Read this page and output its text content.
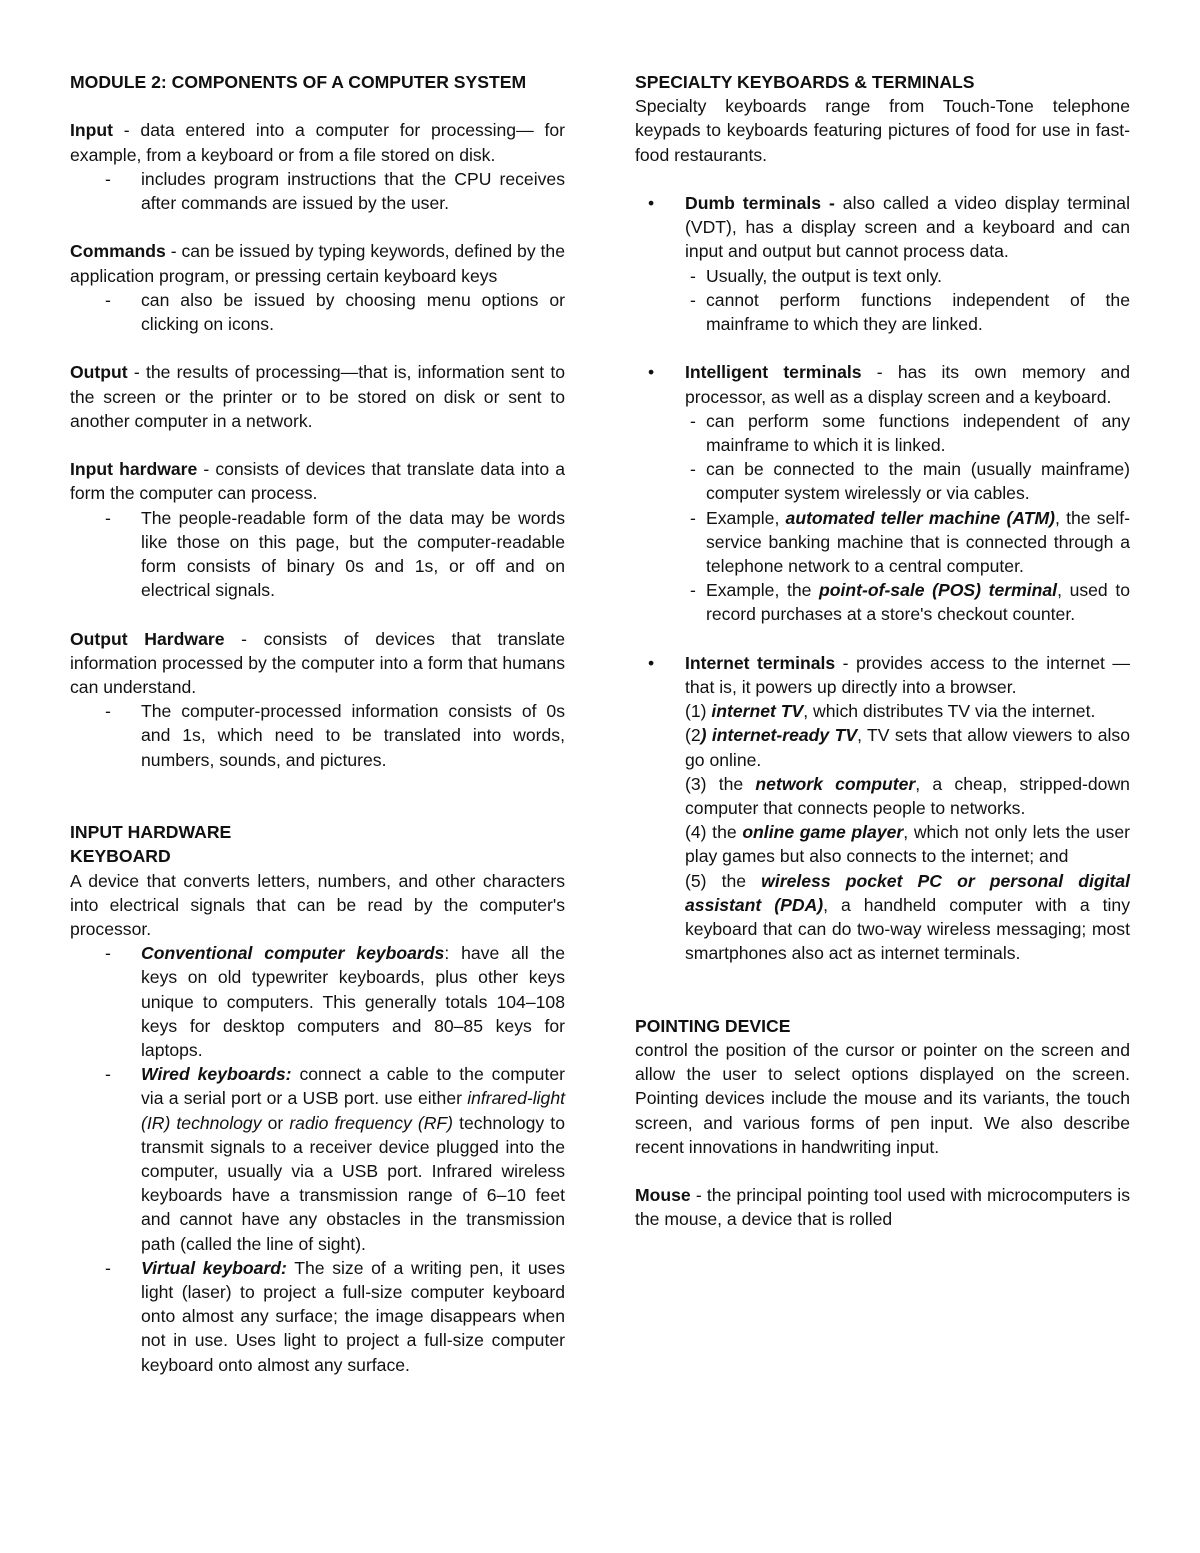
MODULE 2: COMPONENTS OF A COMPUTER SYSTEM

Input - data entered into a computer for processing— for example, from a keyboard or from a file stored on disk.

- includes program instructions that the CPU receives after commands are issued by the user.

Commands - can be issued by typing keywords, defined by the application program, or pressing certain keyboard keys

- can also be issued by choosing menu options or clicking on icons.

Output - the results of processing—that is, information sent to the screen or the printer or to be stored on disk or sent to another computer in a network.

Input hardware - consists of devices that translate data into a form the computer can process.

- The people-readable form of the data may be words like those on this page, but the computer-readable form consists of binary 0s and 1s, or off and on electrical signals.

Output Hardware - consists of devices that translate information processed by the computer into a form that humans can understand.

- The computer-processed information consists of 0s and 1s, which need to be translated into words, numbers, sounds, and pictures.

INPUT HARDWARE

KEYBOARD

A device that converts letters, numbers, and other characters into electrical signals that can be read by the computer's processor.

- Conventional computer keyboards: have all the keys on old typewriter keyboards, plus other keys unique to computers. This generally totals 104–108 keys for desktop computers and 80–85 keys for laptops.
- Wired keyboards: connect a cable to the computer via a serial port or a USB port. use either infrared-light (IR) technology or radio frequency (RF) technology to transmit signals to a receiver device plugged into the computer, usually via a USB port. Infrared wireless keyboards have a transmission range of 6–10 feet and cannot have any obstacles in the transmission path (called the line of sight).
- Virtual keyboard: The size of a writing pen, it uses light (laser) to project a full-size computer keyboard onto almost any surface; the image disappears when not in use. Uses light to project a full-size computer keyboard onto almost any surface.

SPECIALTY KEYBOARDS & TERMINALS

Specialty keyboards range from Touch-Tone telephone keypads to keyboards featuring pictures of food for use in fast-food restaurants.

• Dumb terminals - also called a video display terminal (VDT), has a display screen and a keyboard and can input and output but cannot process data.

- Usually, the output is text only.
- cannot perform functions independent of the mainframe to which they are linked.
• Intelligent terminals - has its own memory and processor, as well as a display screen and a keyboard.

- can perform some functions independent of any mainframe to which it is linked.
- can be connected to the main (usually mainframe) computer system wirelessly or via cables.
- Example, automated teller machine (ATM), the self-service banking machine that is connected through a telephone network to a central computer.
- Example, the point-of-sale (POS) terminal, used to record purchases at a store's checkout counter.
• Internet terminals - provides access to the internet —that is, it powers up directly into a browser.

(1) internet TV, which distributes TV via the internet.

(2) internet-ready TV, TV sets that allow viewers to also go online.

(3) the network computer, a cheap, stripped-down computer that connects people to networks.

(4) the online game player, which not only lets the user play games but also connects to the internet; and

(5) the wireless pocket PC or personal digital assistant (PDA), a handheld computer with a tiny keyboard that can do two-way wireless messaging; most smartphones also act as internet terminals.

POINTING DEVICE

control the position of the cursor or pointer on the screen and allow the user to select options displayed on the screen. Pointing devices include the mouse and its variants, the touch screen, and various forms of pen input. We also describe recent innovations in handwriting input.

Mouse - the principal pointing tool used with microcomputers is the mouse, a device that is rolled
